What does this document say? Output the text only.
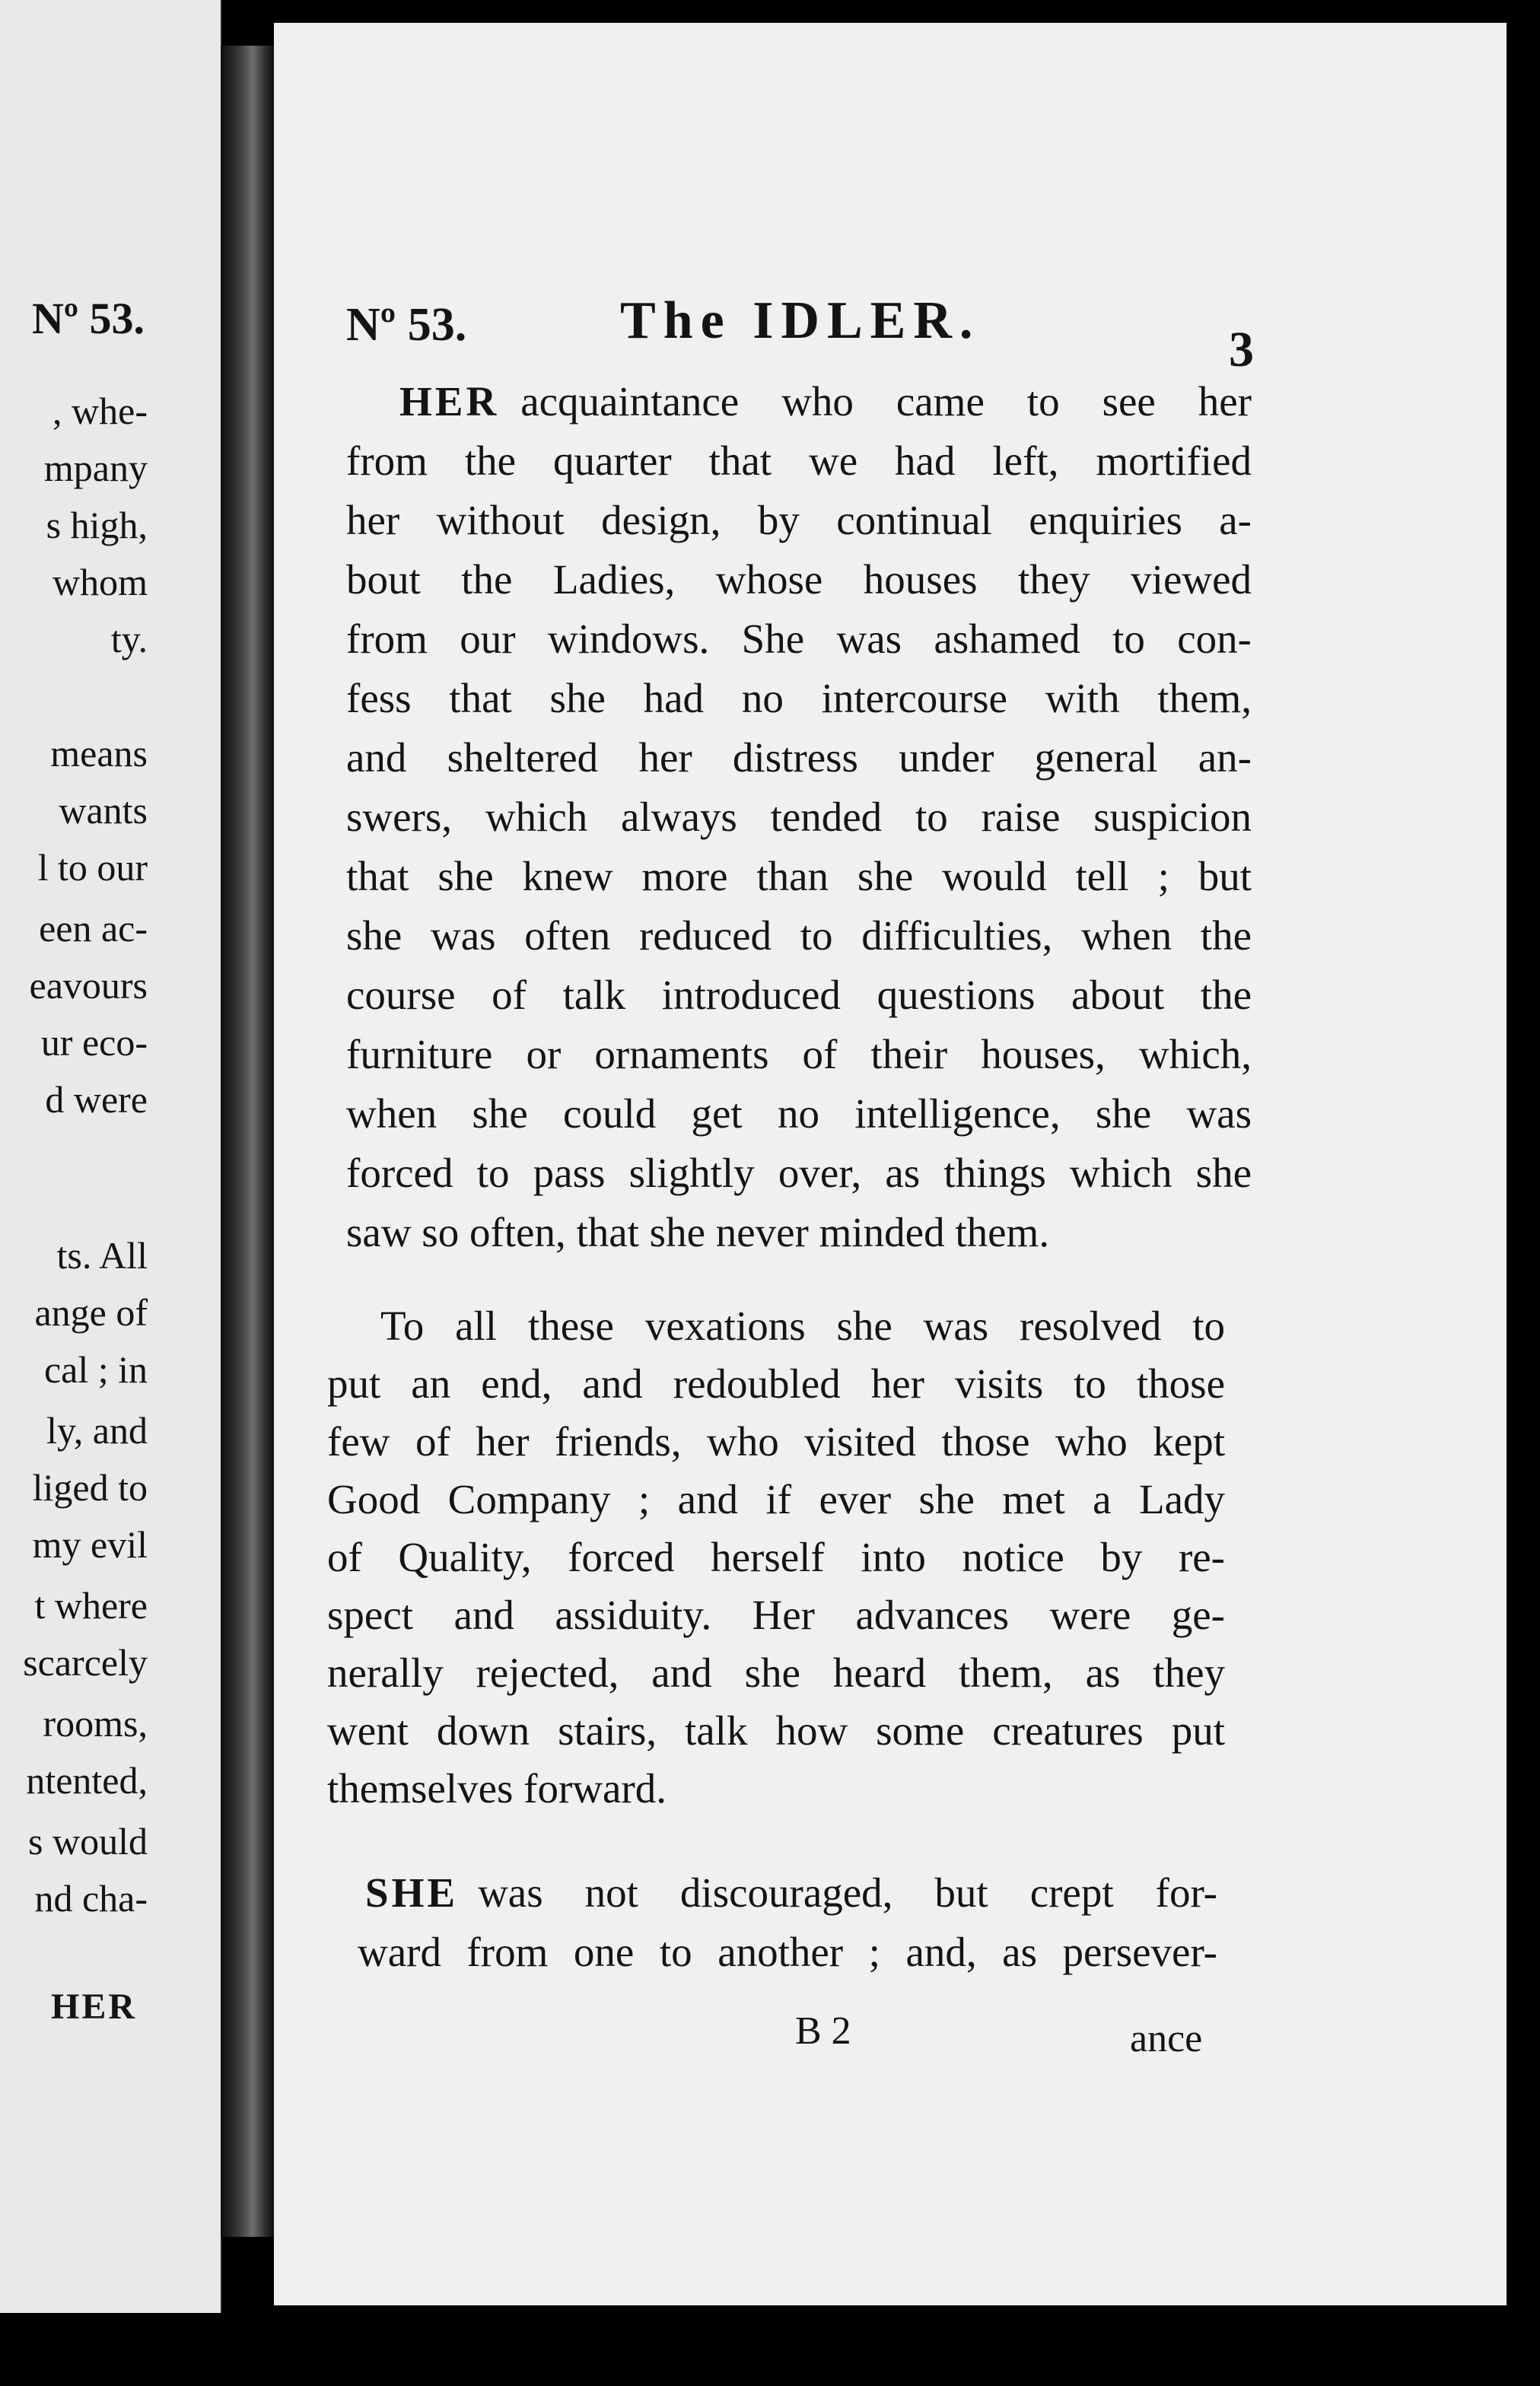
Nº 53.
, whe-
mpany
s high,
whom
ty.
means
wants
l to our
een ac-
eavours
ur eco-
d were
ts. All
ange of
cal ; in
ly, and
liged to
my evil
t where
scarcely
rooms,
ntented,
s would
nd cha-
HER
Nº 53.	The IDLER.	3
HER acquaintance who came to see her
from the quarter that we had left, mortified
her without design, by continual enquiries a-
bout the Ladies, whose houses they viewed
from our windows. She was ashamed to con-
fess that she had no intercourse with them,
and sheltered her distress under general an-
swers, which always tended to raise suspicion
that she knew more than she would tell ; but
she was often reduced to difficulties, when the
course of talk introduced questions about the
furniture or ornaments of their houses, which,
when she could get no intelligence, she was
forced to pass slightly over, as things which she
saw so often, that she never minded them.
To all these vexations she was resolved to
put an end, and redoubled her visits to those
few of her friends, who visited those who kept
Good Company ; and if ever she met a Lady
of Quality, forced herself into notice by re-
spect and assiduity. Her advances were ge-
nerally rejected, and she heard them, as they
went down stairs, talk how some creatures put
themselves forward.
SHE was not discouraged, but crept for-
ward from one to another ; and, as persever-
B 2	ance
